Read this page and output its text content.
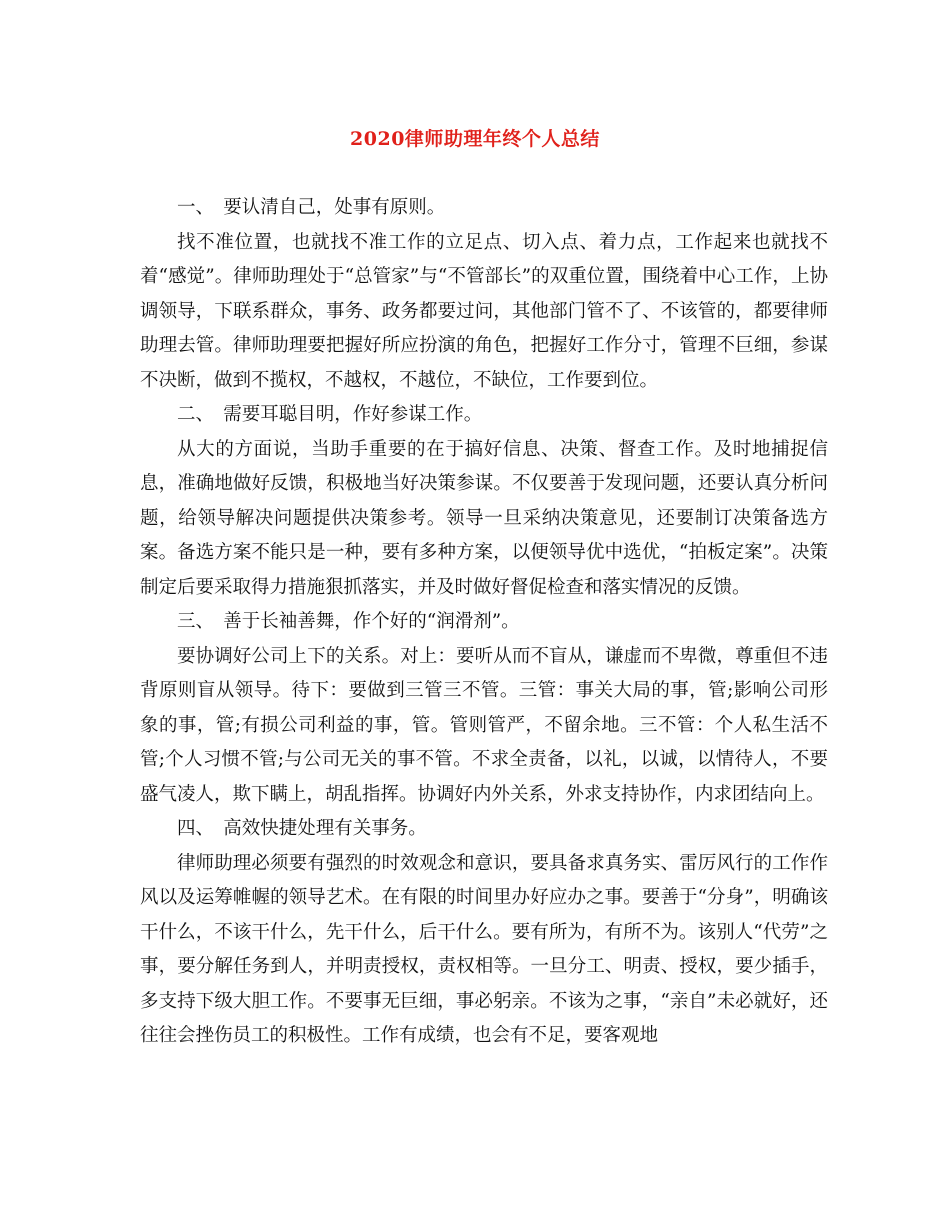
2020律师助理年终个人总结

一、　要认清自己，处事有原则。

找不准位置，也就找不准工作的立足点、切入点、着力点，工作起来也就找不着“感觉”。律师助理处于“总管家”与“不管部长”的双重位置，围绕着中心工作，上协调领导，下联系群众，事务、政务都要过问，其他部门管不了、不该管的，都要律师助理去管。律师助理要把握好所应扮演的角色，把握好工作分寸，管理不巨细，参谋不决断，做到不揽权，不越权，不越位，不缺位，工作要到位。

二、　需要耳聪目明，作好参谋工作。

从大的方面说，当助手重要的在于搞好信息、决策、督查工作。及时地捕捉信息，准确地做好反馈，积极地当好决策参谋。不仅要善于发现问题，还要认真分析问题，给领导解决问题提供决策参考。领导一旦采纳决策意见，还要制订决策备选方案。备选方案不能只是一种，要有多种方案，以便领导优中选优，“拍板定案”。决策制定后要采取得力措施狠抓落实，并及时做好督促检查和落实情况的反馈。

三、　善于长袖善舞，作个好的“润滑剂”。

要协调好公司上下的关系。对上：要听从而不盲从，谦虚而不卑微，尊重但不违背原则盲从领导。待下：要做到三管三不管。三管：事关大局的事，管;影响公司形象的事，管;有损公司利益的事，管。管则管严，不留余地。三不管：个人私生活不管;个人习惯不管;与公司无关的事不管。不求全责备，以礼，以诚，以情待人，不要盛气凌人，欺下瞒上，胡乱指挥。协调好内外关系，外求支持协作，内求团结向上。

四、　高效快捷处理有关事务。

律师助理必须要有强烈的时效观念和意识，要具备求真务实、雷厉风行的工作作风以及运筹帷幄的领导艺术。在有限的时间里办好应办之事。要善于“分身”，明确该干什么，不该干什么，先干什么，后干什么。要有所为，有所不为。该别人“代劳”之事，要分解任务到人，并明责授权，责权相等。一旦分工、明责、授权，要少插手，多支持下级大胆工作。不要事无巨细，事必躬亲。不该为之事，“亲自”未必就好，还往往会挫伤员工的积极性。工作有成绩，也会有不足，要客观地
